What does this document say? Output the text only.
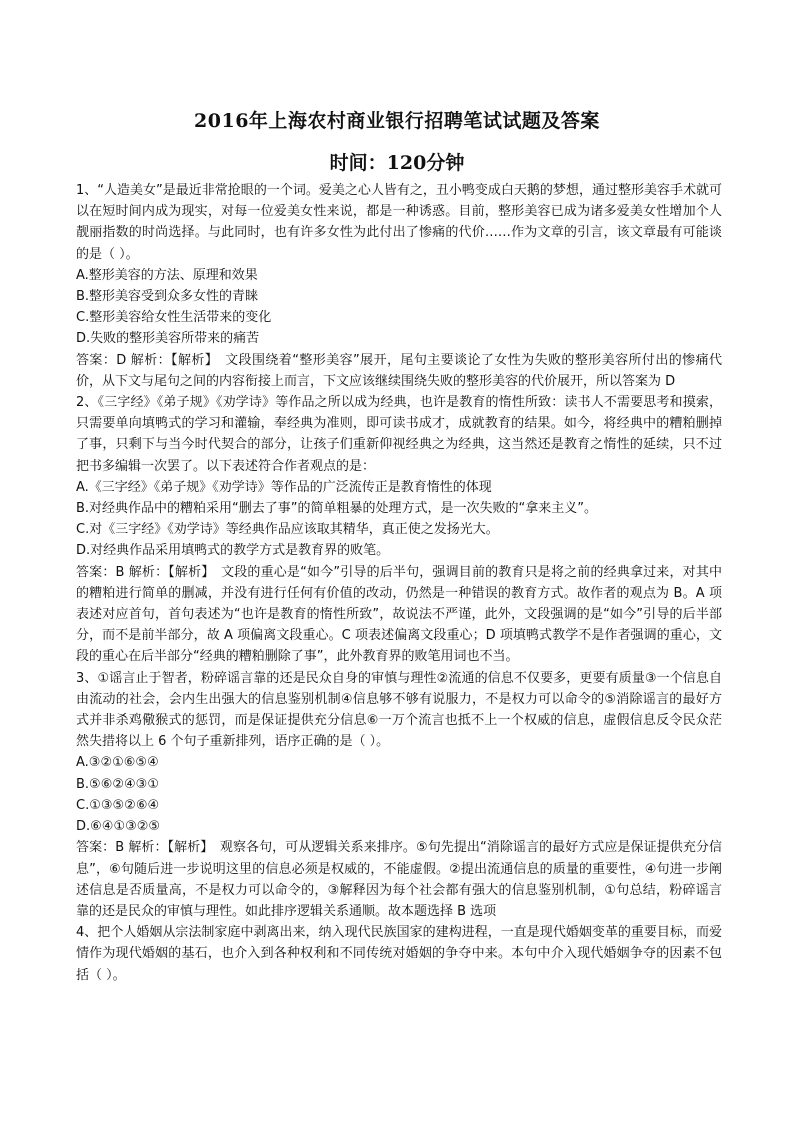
2016年上海农村商业银行招聘笔试试题及答案
时间：120分钟

1、“人造美女”是最近非常抢眼的一个词。爱美之心人皆有之，丑小鸭变成白天鹅的梦想，通过整形美容手术就可以在短时间内成为现实，对每一位爱美女性来说，都是一种诱惑。目前，整形美容已成为诸多爱美女性增加个人靓丽指数的时尚选择。与此同时，也有许多女性为此付出了惨痛的代价……作为文章的引言，该文章最有可能谈的是（ ）。

A.整形美容的方法、原理和效果

B.整形美容受到众多女性的青睐

C.整形美容给女性生活带来的变化

D.失败的整形美容所带来的痛苦

答案：D 解析：【解析】　文段围绕着“整形美容”展开，尾句主要谈论了女性为失败的整形美容所付出的惨痛代价，从下文与尾句之间的内容衔接上而言，下文应该继续围绕失败的整形美容的代价展开，所以答案为 D

2、《三字经》《弟子规》《劝学诗》等作品之所以成为经典，也许是教育的惰性所致：读书人不需要思考和摸索，只需要单向填鸭式的学习和灌输，奉经典为准则，即可读书成才，成就教育的结果。如今，将经典中的糟粕删掉了事，只剩下与当今时代契合的部分，让孩子们重新仰视经典之为经典，这当然还是教育之惰性的延续，只不过把书多编辑一次罢了。以下表述符合作者观点的是：

A.《三字经》《弟子规》《劝学诗》等作品的广泛流传正是教育惰性的体现

B.对经典作品中的糟粕采用“删去了事”的简单粗暴的处理方式，是一次失败的“拿来主义”。

C.对《三字经》《劝学诗》等经典作品应该取其精华，真正使之发扬光大。

D.对经典作品采用填鸭式的教学方式是教育界的败笔。

答案：B 解析：【解析】　文段的重心是“如今”引导的后半句，强调目前的教育只是将之前的经典拿过来，对其中的糟粕进行简单的删减，并没有进行任何有价值的改动，仍然是一种错误的教育方式。故作者的观点为 B。A 项表述对应首句，首句表述为“也许是教育的惰性所致”，故说法不严谨，此外，文段强调的是“如今”引导的后半部分，而不是前半部分，故 A 项偏离文段重心。C 项表述偏离文段重心；D 项填鸭式教学不是作者强调的重心，文段的重心在后半部分“经典的糟粕删除了事”，此外教育界的败笔用词也不当。

3、①谣言止于智者，粉碎谣言靠的还是民众自身的审慎与理性②流通的信息不仅要多，更要有质量③一个信息自由流动的社会，会内生出强大的信息鉴别机制④信息够不够有说服力，不是权力可以命令的⑤消除谣言的最好方式并非杀鸡儆猴式的惩罚，而是保证提供充分信息⑥一万个流言也抵不上一个权威的信息，虚假信息反令民众茫然失措将以上 6 个句子重新排列，语序正确的是（ ）。

A.③②①⑥⑤④

B.⑤⑥②④③①

C.①③⑤②⑥④

D.⑥④①③②⑤

答案：B 解析：【解析】　观察各句，可从逻辑关系来排序。⑤句先提出“消除谣言的最好方式应是保证提供充分信息”，⑥句随后进一步说明这里的信息必须是权威的，不能虚假。②提出流通信息的质量的重要性，④句进一步阐述信息是否质量高，不是权力可以命令的，③解释因为每个社会都有强大的信息鉴别机制，①句总结，粉碎谣言靠的还是民众的审慎与理性。如此排序逻辑关系通顺。故本题选择 B 选项

4、把个人婚姻从宗法制家庭中剥离出来，纳入现代民族国家的建构进程，一直是现代婚姻变革的重要目标，而爱情作为现代婚姻的基石，也介入到各种权利和不同传统对婚姻的争夺中来。本句中介入现代婚姻争夺的因素不包括（ ）。
